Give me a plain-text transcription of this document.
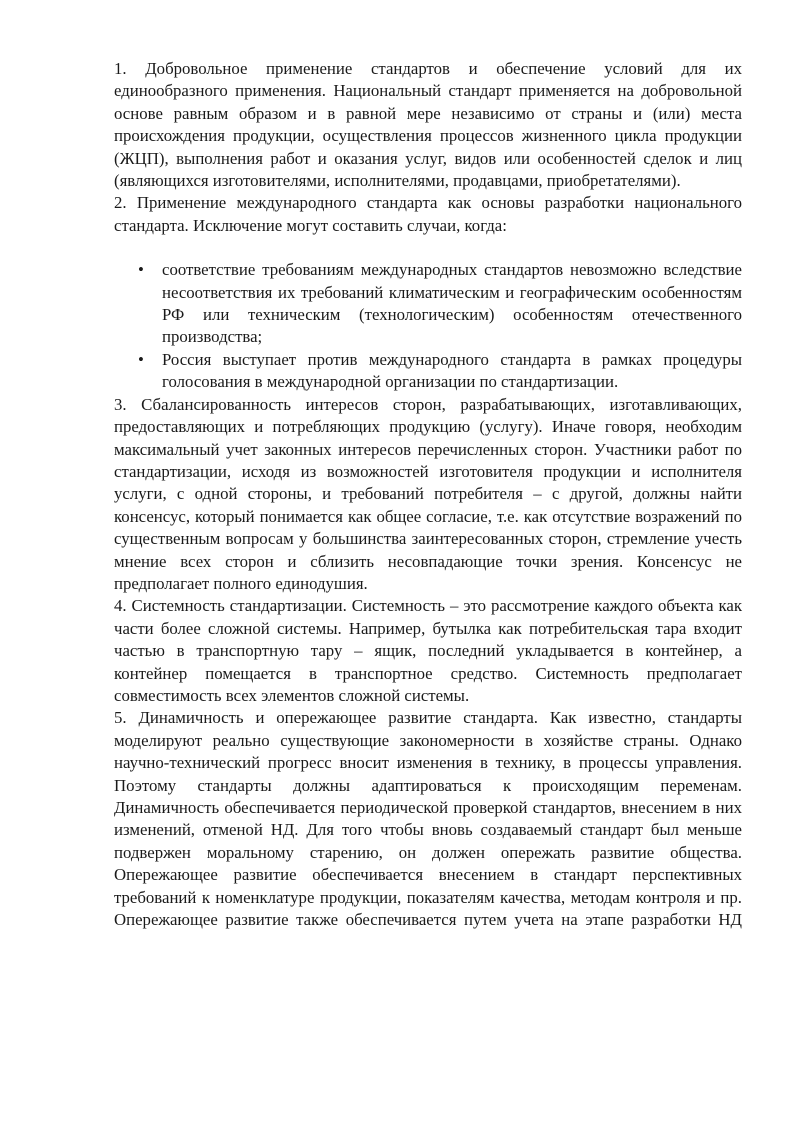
1. Добровольное применение стандартов и обеспечение условий для их единообразного применения. Национальный стандарт применяется на добровольной основе равным образом и в равной мере независимо от страны и (или) места происхождения продукции, осуществления процессов жизненного цикла продукции (ЖЦП), выполнения работ и оказания услуг, видов или особенностей сделок и лиц (являющихся изготовителями, исполнителями, продавцами, приобретателями).

2. Применение международного стандарта как основы разработки национального стандарта. Исключение могут составить случаи, когда:

• соответствие требованиям международных стандартов невозможно вследствие несоответствия их требований климатическим и географическим особенностям РФ или техническим (технологическим) особенностям отечественного производства;
• Россия выступает против международного стандарта в рамках процедуры голосования в международной организации по стандартизации.

3. Сбалансированность интересов сторон, разрабатывающих, изготавливающих, предоставляющих и потребляющих продукцию (услугу). Иначе говоря, необходим максимальный учет законных интересов перечисленных сторон. Участники работ по стандартизации, исходя из возможностей изготовителя продукции и исполнителя услуги, с одной стороны, и требований потребителя – с другой, должны найти консенсус, который понимается как общее согласие, т.е. как отсутствие возражений по существенным вопросам у большинства заинтересованных сторон, стремление учесть мнение всех сторон и сблизить несовпадающие точки зрения. Консенсус не предполагает полного единодушия.

4. Системность стандартизации. Системность – это рассмотрение каждого объекта как части более сложной системы. Например, бутылка как потребительская тара входит частью в транспортную тару – ящик, последний укладывается в контейнер, а контейнер помещается в транспортное средство. Системность предполагает совместимость всех элементов сложной системы.

5. Динамичность и опережающее развитие стандарта. Как известно, стандарты моделируют реально существующие закономерности в хозяйстве страны. Однако научно-технический прогресс вносит изменения в технику, в процессы управления. Поэтому стандарты должны адаптироваться к происходящим переменам. Динамичность обеспечивается периодической проверкой стандартов, внесением в них изменений, отменой НД. Для того чтобы вновь создаваемый стандарт был меньше подвержен моральному старению, он должен опережать развитие общества. Опережающее развитие обеспечивается внесением в стандарт перспективных требований к номенклатуре продукции, показателям качества, методам контроля и пр. Опережающее развитие также обеспечивается путем учета на этапе разработки НД
